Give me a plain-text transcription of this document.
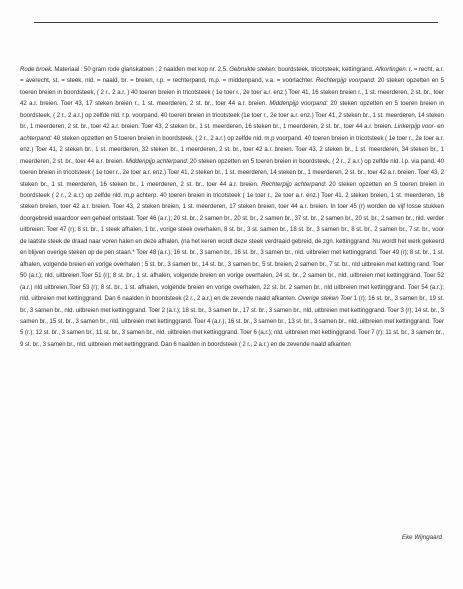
Rode broek. Materiaal : 50 gram rode glanskatoen ; 2 naalden met kop nr. 2,5. Gebruikte steken: boordsteek, tricotsteek, kettingrand. Afkortingen: r. = recht, a.r. = averecht, st. = steek, nld. = naald, br. = breien, r.p. = rechterpand, m.p. = middenpand, v.a. = voorlachter. Rechterpijp voorpand: 20 steken opzetten en 5 toeren breien in boordsteek, ( 2 r., 2 a.r. ) 40 toeren breien in tricotsteek ( 1e toer r., 2e toer a.r. enz.) Toer 41, 16 steken breien r., 1 st. meerderen, 2 st. br., toer 42 a.r. breien. Toer 43, 17 steken breien r., 1 st. meerderen, 2 st. br., toer 44 a.r. breien. Middenpijp voorpand: 20 steken opzetten en 5 toeren breien in boordsteek, ( 2 r., 2 a.r.) op zelfde nld. r.p. voorpand. 40 toeren breien in tricotsteek (1e toer r., 2e toer a.r. enz.) Toer 41, 2 steken br., 1 st. meerderen, 14 steken br., 1 meerderen, 2 st. br., toer 42 a.r. breien. Toer 43, 2 steken br., 1 st. meerderen, 16 steken br., 1 meerderen, 2 st. br., toer 44 a.r. breien. Linkerpijp voor- en achterpand: 40 steken opzetten en 5 toeren breien in boordsteek, ( 2 r., 2 a.r.) op zelfde nld. m.p voorpand. 40 toeren breien in tricotsteek ( 1e toer r., 2e toer a.r. enz.) Toer 41, 2 steken br., 1 st. meerderen, 32 steken br., 1 meerderen, 2 st. br., toer 42 a.r. breien. Toer 43, 2 steken br., 1 st. meerderen, 34 steken br., 1 meerderen, 2 st. br., toer 44 a.r. breien. Middenpijp achterpand: 20 steken opzetten en 5 toeren breien in boordsteek, ( 2 r., 2 a.r.) op zelfde nld. l.p. via pand. 40 toeren breien in tricotsteek ( 1e toer r., 2e toer a.r. enz.) Toer 41, 2 steken br., 1 st. meerderen, 14 steken br., 1 meerderen, 2 st. br., toer 42 a.r. breien. Toer 43, 2 steken br., 1 st. meerderen, 16 steken br., 1 meerderen, 2 st. br., toer 44 a.r. breien. Rechterpijp achterpand: 20 steken opzetten en 5 toeren breien in boordsteek ( 2 r., 2 a.r.) op zelfde nld. m.p achterp. 40 toeren breien in tricotsteek ( 1e toer r., 2e toer a.r. enz.) Toer 41, 2 steken breien, 1 st. meerderen, 16 steken breien, toer 42 a.r. breien. Toer 43, 2 steken breien, 1 st. meerderen, 17 steken breien, toer 44 a.r. breien. In toer 45 (r) worden de vijf losse stukken doorgebreid waardoor een geheel ontstaat. Toer 46 (a.r.); 20 st. br., 2 samen br., 20 st. br., 2 samen br., 37 st. br., 2 samen br., 20 st. br., 2 samen br., nld. verder uitbreien. Toer 47 (r); 8 st. br., 1 steek afhalen, 1 br., vorige steek overhalen, 8 st. br., 3 st. samen br., 18 st. br., 3 samen br., 8 st. br., 2 samen br., 7 st. br., voor de laatste steek de draad naar voren halen en deze afhalen, (na het keren wordt deze steek verdraaid gebreid, de zgn. kettinggrand. Nu wordt het werk gekeerd en blijven overige steken op de pen staan.* Toer 48 (a.r.); 16 st. br., 3 samen br., 16 st. br., 3 samen br., nld. uitbreien met kettinggrand. Toer 49 (r); 8 st. br., 1 st. afhalen, volgende breien en vorige overhalen ; 5 st. br., 3 samen br., 14 st. br., 3 samen br., 5 st. breien, 2 samen br., 7 st. br., nld uitbreien met ketting rand. Toer 50 (a.r.); nld. uitbreien.Toer 51 (r); 8 st. br., 1 st. afhalen, volgende breien en vorige overhalen, 24 st. br., 2 samen br., nld. uitbreien met kettinggrand. Toer 52 (a.r.) nld uitbreien.Toer 53 (r); 8 st. br., 1 st. afhalen, volgende breien en vorige overhalen, 22 st. br. 2 samen br., nld uitbreien met kettinggrand. Toer 54 (a.r.); nld. uitbreien met kettinggrand. Dan 6 naalden in boordsteek (2 r., 2 a.r.) en de zevende naald afkanten. Overige steken Toer 1 (r); 16 st. br., 3 samen br., 19 st. br., 3 samen br., nld. uitbreien met kettinggrand. Toer 2 (a.r.); 18 st. br., 3 samen br., 17 st. br., 3 samen br., nld. uitbreien met kettinggrand. Toer 3 (r); 14 st. br., 3 samen br., 15 st. br., 3 samen br., nld. uitbreien met kettinggrand. Toer 4 (a.r.); 16 st. br., 3 samen br., 13 st. br., 3 samen br., nld. uitbreien met kettinggrand. Toer 5 (r.); 12 st. br., 3 samen br., 11 st. br., 3 samen br., nld. uitbreien met kettinggrand. Toer 6 (a.r.); nld. uitbreien met kettinggrand. Toer 7 (r); 11 st. br., 3 samen br., 9 st. br., 3 samen br., nld. uitbreien met kettinggrand. Dan 6 naalden in boordsteek ( 2 r., 2 a.r.) en de zevende naald afkanten

Eke Wijngaard
